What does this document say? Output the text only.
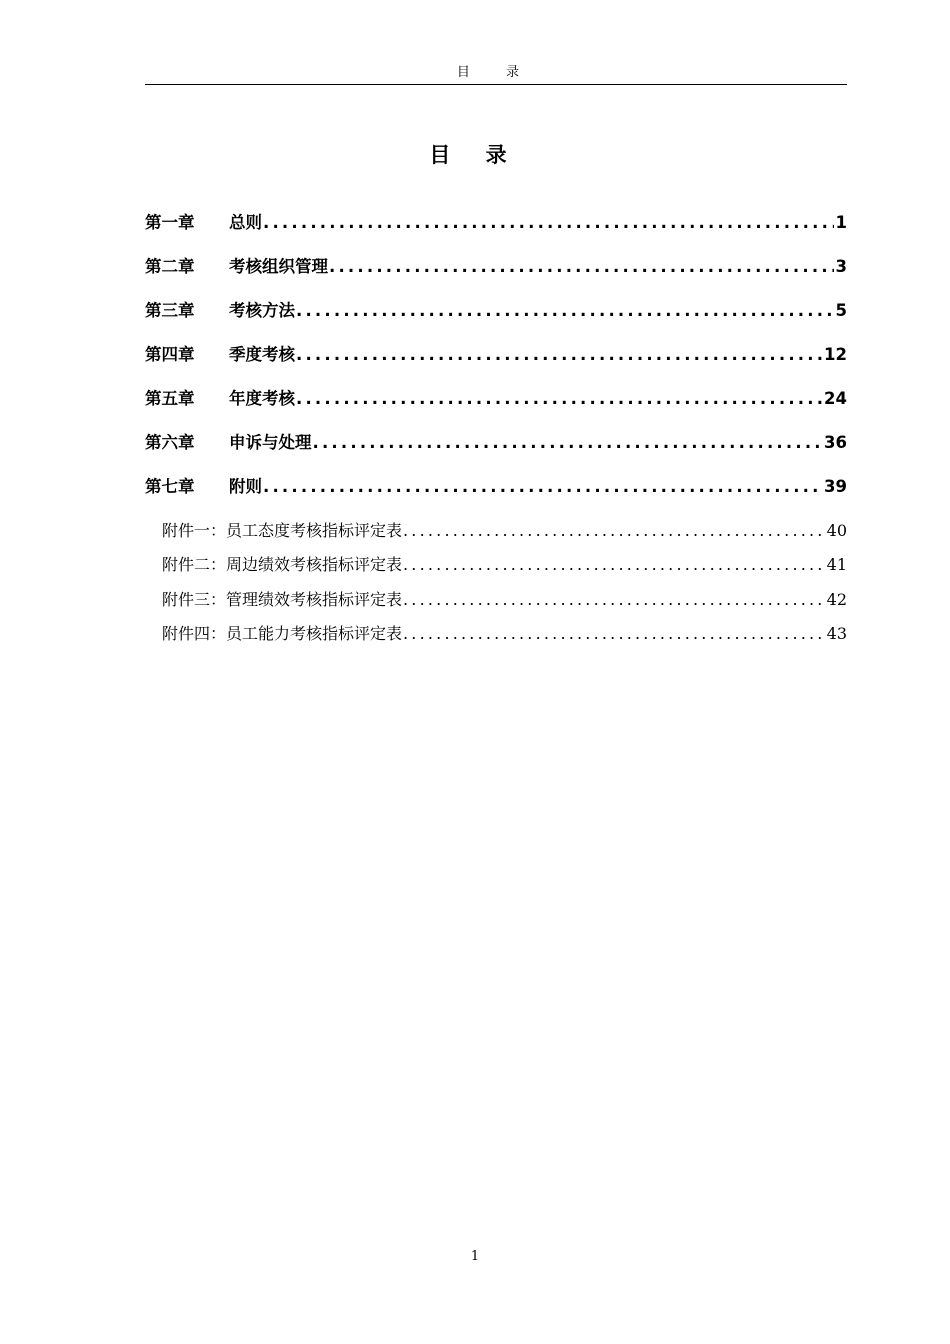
目 录
目 录
第一章	总则 .....	1
第二章	考核组织管理 .....	3
第三章	考核方法 .....	5
第四章	季度考核 .....	12
第五章	年度考核 .....	24
第六章	申诉与处理 .....	36
第七章	附则 .....	39
附件一：员工态度考核指标评定表 .....	40
附件二：周边绩效考核指标评定表 .....	41
附件三：管理绩效考核指标评定表 .....	42
附件四：员工能力考核指标评定表 .....	43
1
